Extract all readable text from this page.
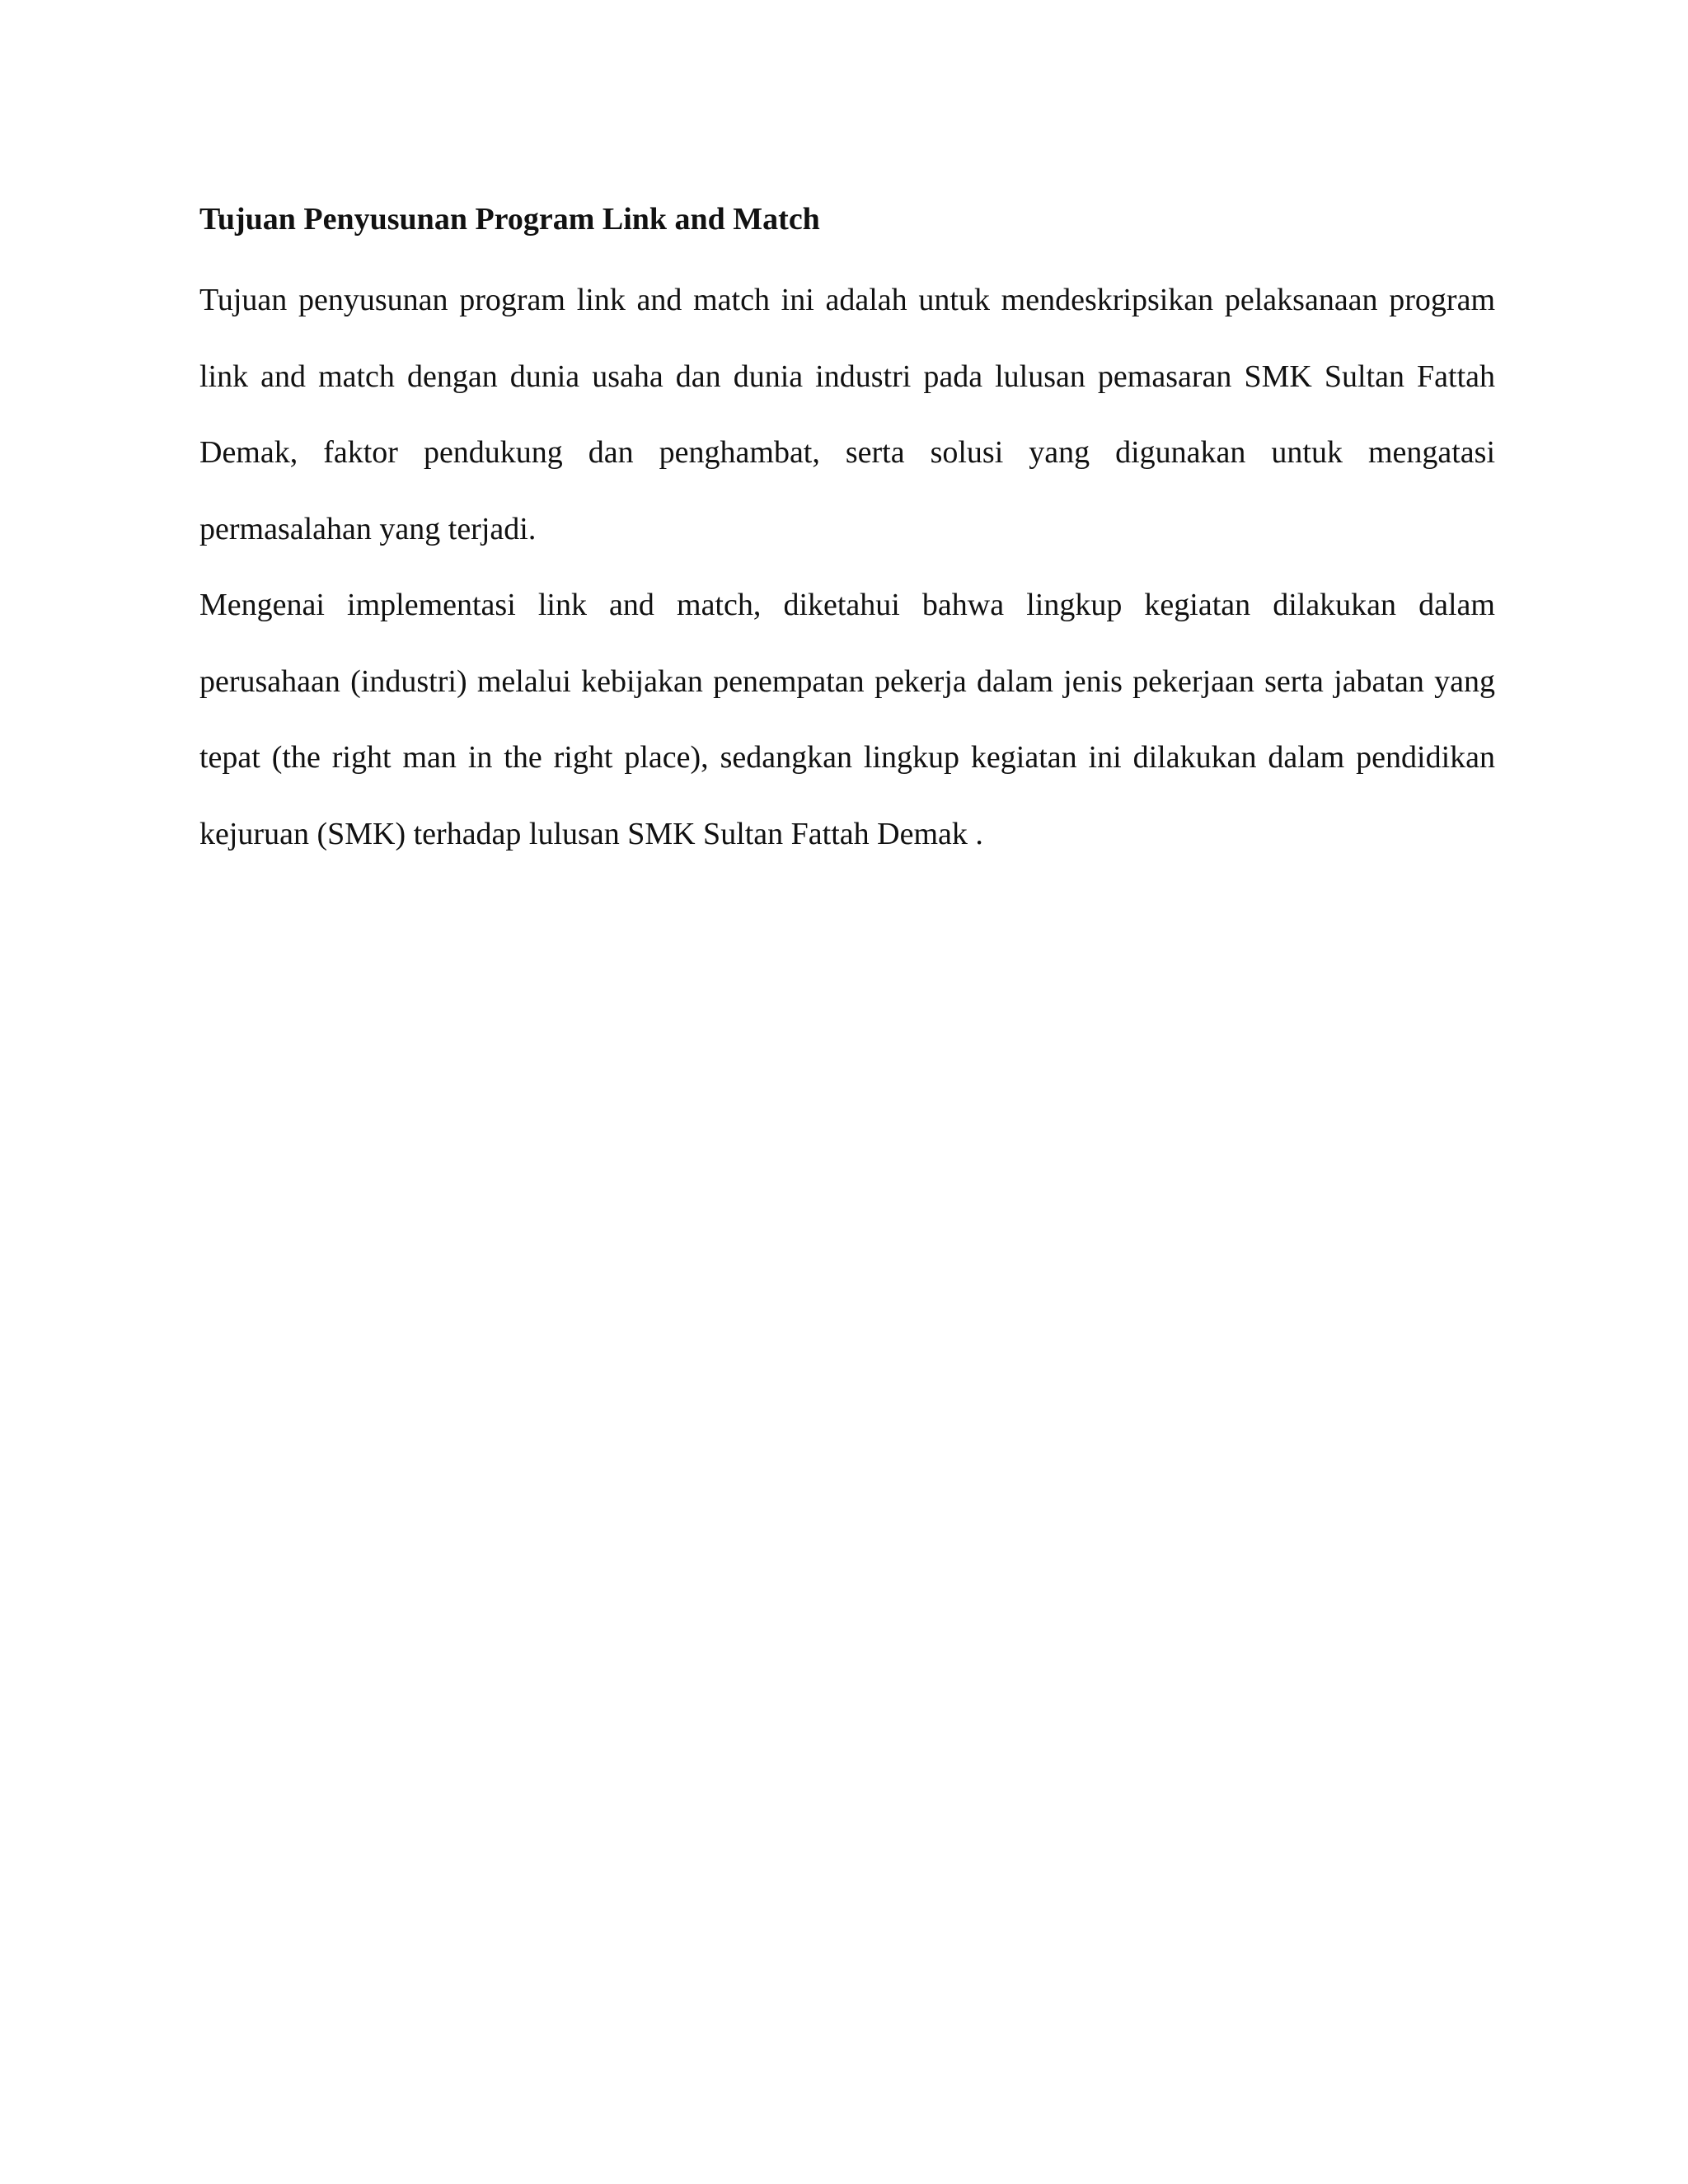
Tujuan Penyusunan Program Link and Match

Tujuan penyusunan program link and match ini adalah untuk mendeskripsikan pelaksanaan program link and match dengan dunia usaha dan dunia industri pada lulusan pemasaran SMK Sultan Fattah Demak, faktor pendukung dan penghambat, serta solusi yang digunakan untuk mengatasi permasalahan yang terjadi.

Mengenai implementasi link and match, diketahui bahwa lingkup kegiatan dilakukan dalam perusahaan (industri) melalui kebijakan penempatan pekerja dalam jenis pekerjaan serta jabatan yang tepat (the right man in the right place), sedangkan lingkup kegiatan ini dilakukan dalam pendidikan kejuruan (SMK) terhadap lulusan SMK Sultan Fattah Demak .
